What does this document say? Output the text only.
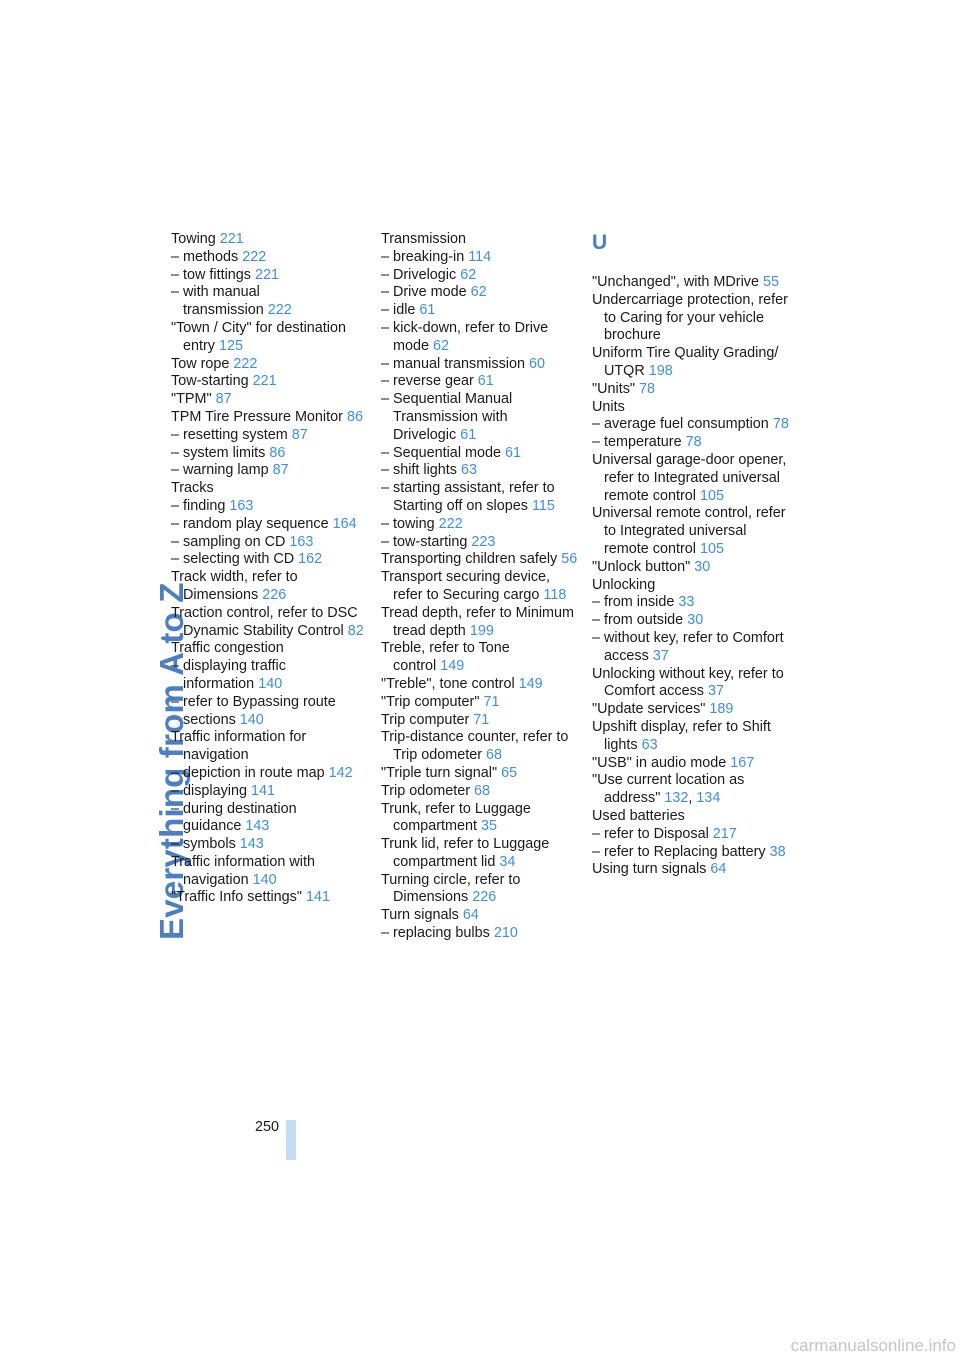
Everything from A to Z
Towing 221
– methods 222
– tow fittings 221
– with manual transmission 222
"Town / City" for destination entry 125
Tow rope 222
Tow-starting 221
"TPM" 87
TPM Tire Pressure Monitor 86
– resetting system 87
– system limits 86
– warning lamp 87
Tracks
– finding 163
– random play sequence 164
– sampling on CD 163
– selecting with CD 162
Track width, refer to Dimensions 226
Traction control, refer to DSC Dynamic Stability Control 82
Traffic congestion
– displaying traffic information 140
– refer to Bypassing route sections 140
Traffic information for navigation
– depiction in route map 142
– displaying 141
– during destination guidance 143
– symbols 143
Traffic information with navigation 140
"Traffic Info settings" 141
Transmission
– breaking-in 114
– Drivelogic 62
– Drive mode 62
– idle 61
– kick-down, refer to Drive mode 62
– manual transmission 60
– reverse gear 61
– Sequential Manual Transmission with Drivelogic 61
– Sequential mode 61
– shift lights 63
– starting assistant, refer to Starting off on slopes 115
– towing 222
– tow-starting 223
Transporting children safely 56
Transport securing device, refer to Securing cargo 118
Tread depth, refer to Minimum tread depth 199
Treble, refer to Tone control 149
"Treble", tone control 149
"Trip computer" 71
Trip computer 71
Trip-distance counter, refer to Trip odometer 68
"Triple turn signal" 65
Trip odometer 68
Trunk, refer to Luggage compartment 35
Trunk lid, refer to Luggage compartment lid 34
Turning circle, refer to Dimensions 226
Turn signals 64
– replacing bulbs 210
U
"Unchanged", with MDrive 55
Undercarriage protection, refer to Caring for your vehicle brochure
Uniform Tire Quality Grading/ UTQR 198
"Units" 78
Units
– average fuel consumption 78
– temperature 78
Universal garage-door opener, refer to Integrated universal remote control 105
Universal remote control, refer to Integrated universal remote control 105
"Unlock button" 30
Unlocking
– from inside 33
– from outside 30
– without key, refer to Comfort access 37
Unlocking without key, refer to Comfort access 37
"Update services" 189
Upshift display, refer to Shift lights 63
"USB" in audio mode 167
"Use current location as address" 132, 134
Used batteries
– refer to Disposal 217
– refer to Replacing battery 38
Using turn signals 64
250
carmanualsonline.info
